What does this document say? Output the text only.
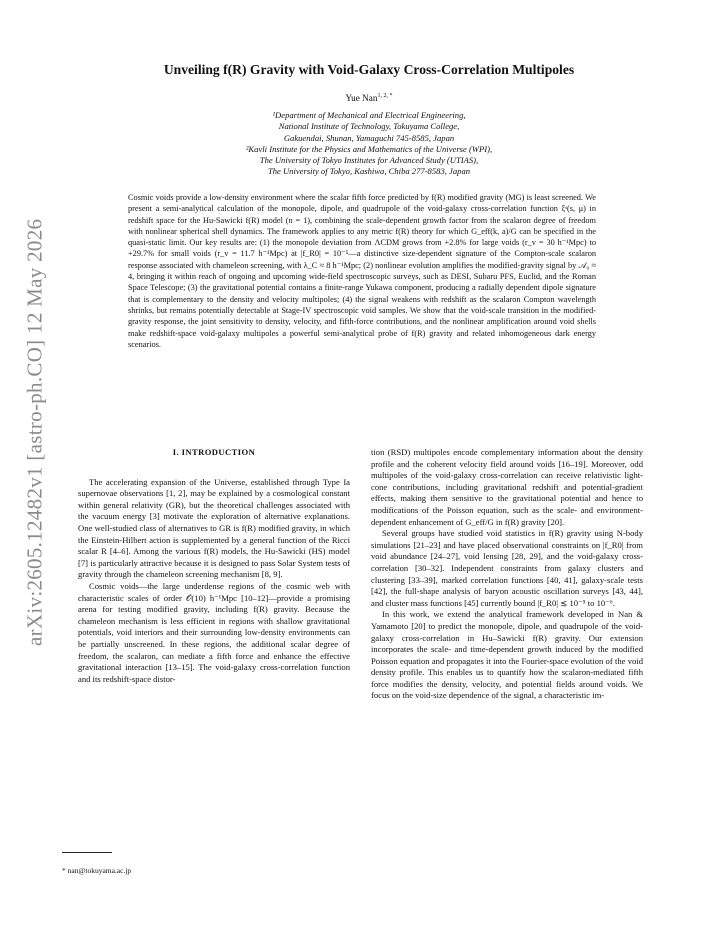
arXiv:2605.12482v1 [astro-ph.CO] 12 May 2026
Unveiling f(R) Gravity with Void-Galaxy Cross-Correlation Multipoles
Yue Nan$^{1, 2, *}$
¹Department of Mechanical and Electrical Engineering,
National Institute of Technology, Tokuyama College,
Gakuendai, Shunan, Yamaguchi 745-8585, Japan
²Kavli Institute for the Physics and Mathematics of the Universe (WPI),
The University of Tokyo Institutes for Advanced Study (UTIAS),
The University of Tokyo, Kashiwa, Chiba 277-8583, Japan
Cosmic voids provide a low-density environment where the scalar fifth force predicted by f(R) modified gravity (MG) is least screened. We present a semi-analytical calculation of the monopole, dipole, and quadrupole of the void-galaxy cross-correlation function ξˢ(s, μ) in redshift space for the Hu-Sawicki f(R) model (n = 1), combining the scale-dependent growth factor from the scalaron degree of freedom with nonlinear spherical shell dynamics. The framework applies to any metric f(R) theory for which G_eff(k, a)/G can be specified in the quasi-static limit. Our key results are: (1) the monopole deviation from ΛCDM grows from +2.8% for large voids (r_v = 30 h⁻¹Mpc) to +29.7% for small voids (r_v = 11.7 h⁻¹Mpc) at |f_R0| = 10⁻⁵—a distinctive size-dependent signature of the Compton-scale scalaron response associated with chameleon screening, with λ_C ≈ 8 h⁻¹Mpc; (2) nonlinear evolution amplifies the modified-gravity signal by 𝒜₀ ≈ 4, bringing it within reach of ongoing and upcoming wide-field spectroscopic surveys, such as DESI, Subaru PFS, Euclid, and the Roman Space Telescope; (3) the gravitational potential contains a finite-range Yukawa component, producing a radially dependent dipole signature that is complementary to the density and velocity multipoles; (4) the signal weakens with redshift as the scalaron Compton wavelength shrinks, but remains potentially detectable at Stage-IV spectroscopic void samples. We show that the void-scale transition in the modified-gravity response, the joint sensitivity to density, velocity, and fifth-force contributions, and the nonlinear amplification around void shells make redshift-space void-galaxy multipoles a powerful semi-analytical probe of f(R) gravity and related inhomogeneous dark energy scenarios.
I. INTRODUCTION

The accelerating expansion of the Universe, established through Type Ia supernovae observations [1, 2], may be explained by a cosmological constant within general relativity (GR), but the theoretical challenges associated with the vacuum energy [3] motivate the exploration of alternative explanations. One well-studied class of alternatives to GR is f(R) modified gravity, in which the Einstein-Hilbert action is supplemented by a general function of the Ricci scalar R [4–6]. Among the various f(R) models, the Hu-Sawicki (HS) model [7] is particularly attractive because it is designed to pass Solar System tests of gravity through the chameleon screening mechanism [8, 9].

Cosmic voids—the large underdense regions of the cosmic web with characteristic scales of order 𝒪(10) h⁻¹Mpc [10–12]—provide a promising arena for testing modified gravity, including f(R) gravity. Because the chameleon mechanism is less efficient in regions with shallow gravitational potentials, void interiors and their surrounding low-density environments can be partially unscreened. In these regions, the additional scalar degree of freedom, the scalaron, can mediate a fifth force and enhance the effective gravitational interaction [13–15]. The void-galaxy cross-correlation function and its redshift-space distor-

tion (RSD) multipoles encode complementary information about the density profile and the coherent velocity field around voids [16–19]. Moreover, odd multipoles of the void-galaxy cross-correlation can receive relativistic light-cone contributions, including gravitational redshift and potential-gradient effects, making them sensitive to the gravitational potential and hence to modifications of the Poisson equation, such as the scale- and environment-dependent enhancement of G_eff/G in f(R) gravity [20].

Several groups have studied void statistics in f(R) gravity using N-body simulations [21–23] and have placed observational constraints on |f_R0| from void abundance [24–27], void lensing [28, 29], and the void-galaxy cross-correlation [30–32]. Independent constraints from galaxy clusters and clustering [33–39], marked correlation functions [40, 41], galaxy-scale tests [42], the full-shape analysis of baryon acoustic oscillation surveys [43, 44], and cluster mass functions [45] currently bound |f_R0| ≲ 10⁻⁵ to 10⁻⁶.

In this work, we extend the analytical framework developed in Nan & Yamamoto [20] to predict the monopole, dipole, and quadrupole of the void-galaxy cross-correlation in Hu–Sawicki f(R) gravity. Our extension incorporates the scale- and time-dependent growth induced by the modified Poisson equation and propagates it into the Fourier-space evolution of the void density profile. This enables us to quantify how the scalaron-mediated fifth force modifies the density, velocity, and potential fields around voids. We focus on the void-size dependence of the signal, a characteristic im-

* nan@tokuyama.ac.jp
